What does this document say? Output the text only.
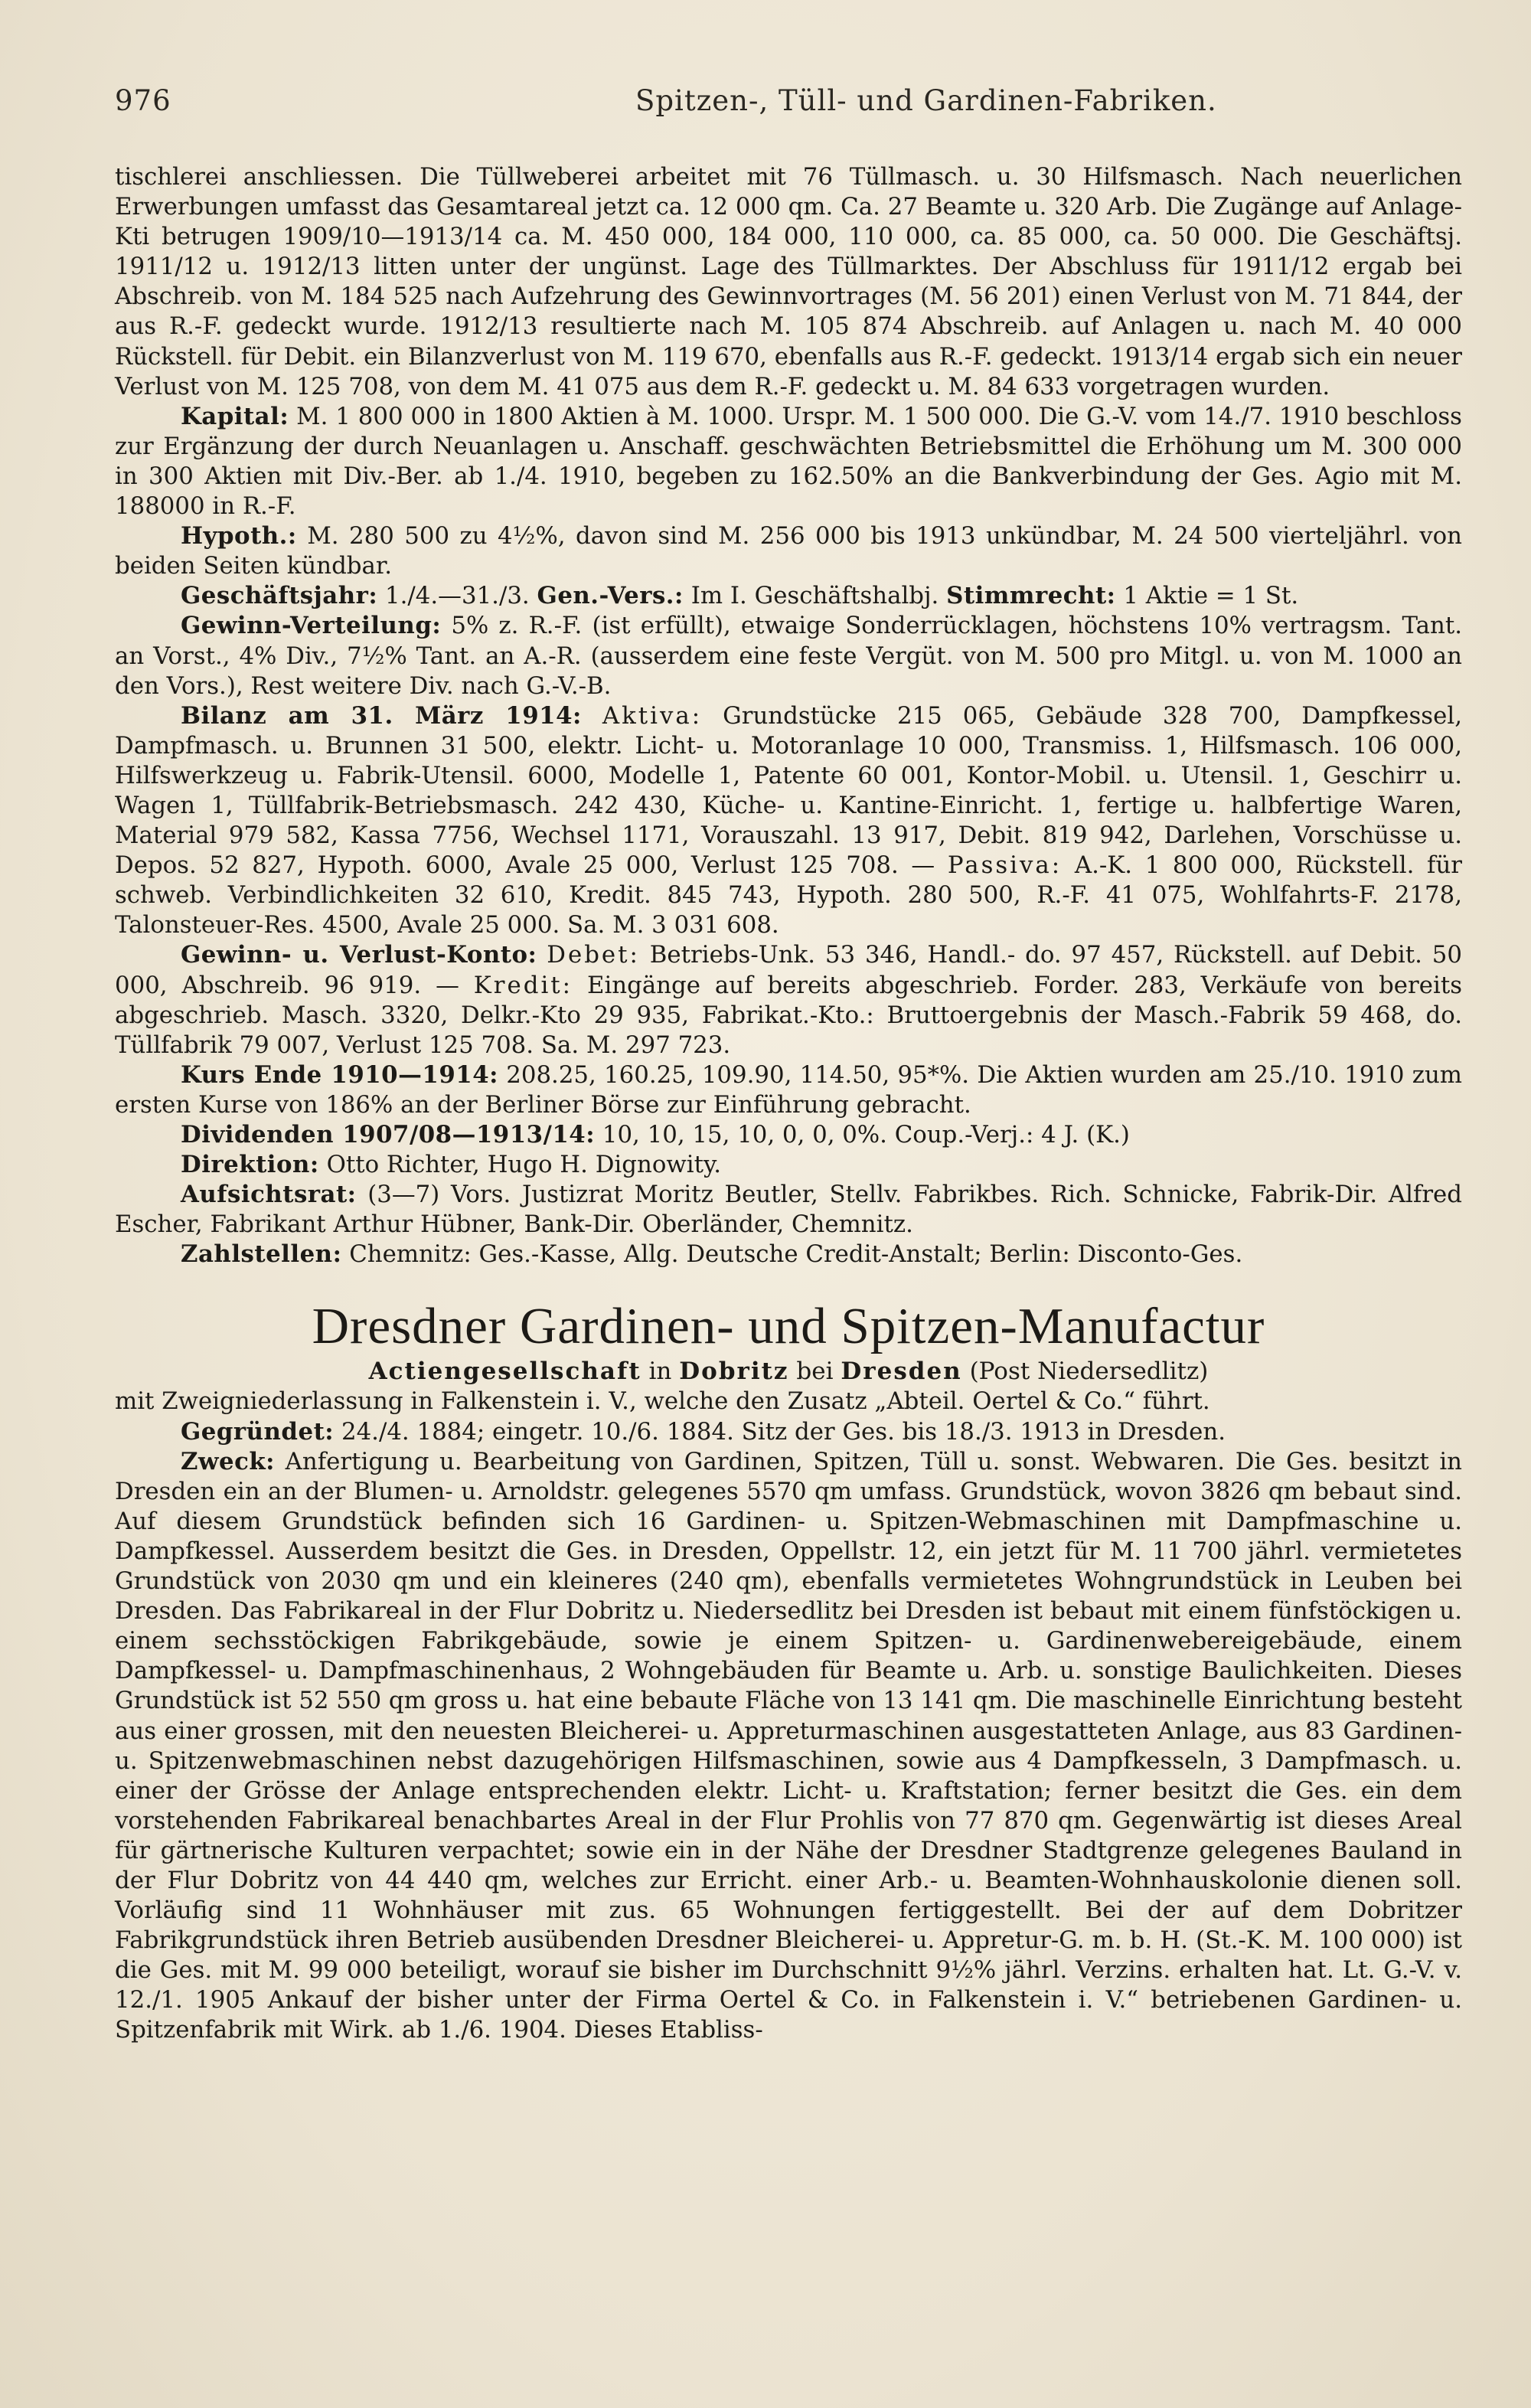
976	Spitzen-, Tüll- und Gardinen-Fabriken.

tischlerei anschliessen. Die Tüllweberei arbeitet mit 76 Tüllmasch. u. 30 Hilfsmasch. Nach neuerlichen Erwerbungen umfasst das Gesamtareal jetzt ca. 12 000 qm. Ca. 27 Beamte u. 320 Arb. Die Zugänge auf Anlage-Kti betrugen 1909/10—1913/14 ca. M. 450 000, 184 000, 110 000, ca. 85 000, ca. 50 000. Die Geschäftsj. 1911/12 u. 1912/13 litten unter der ungünst. Lage des Tüllmarktes. Der Abschluss für 1911/12 ergab bei Abschreib. von M. 184 525 nach Aufzehrung des Gewinnvortrages (M. 56 201) einen Verlust von M. 71 844, der aus R.-F. gedeckt wurde. 1912/13 resultierte nach M. 105 874 Abschreib. auf Anlagen u. nach M. 40 000 Rückstell. für Debit. ein Bilanzverlust von M. 119 670, ebenfalls aus R.-F. gedeckt. 1913/14 ergab sich ein neuer Verlust von M. 125 708, von dem M. 41 075 aus dem R.-F. gedeckt u. M. 84 633 vorgetragen wurden.

Kapital: M. 1 800 000 in 1800 Aktien à M. 1000. Urspr. M. 1 500 000. Die G.-V. vom 14./7. 1910 beschloss zur Ergänzung der durch Neuanlagen u. Anschaff. geschwächten Betriebsmittel die Erhöhung um M. 300 000 in 300 Aktien mit Div.-Ber. ab 1./4. 1910, begeben zu 162.50% an die Bankverbindung der Ges. Agio mit M. 188000 in R.-F.

Hypoth.: M. 280 500 zu 4½%, davon sind M. 256 000 bis 1913 unkündbar, M. 24 500 vierteljährl. von beiden Seiten kündbar.

Geschäftsjahr: 1./4.—31./3. Gen.-Vers.: Im I. Geschäftshalbj. Stimmrecht: 1 Aktie = 1 St.

Gewinn-Verteilung: 5% z. R.-F. (ist erfüllt), etwaige Sonderrücklagen, höchstens 10% vertragsm. Tant. an Vorst., 4% Div., 7½% Tant. an A.-R. (ausserdem eine feste Vergüt. von M. 500 pro Mitgl. u. von M. 1000 an den Vors.), Rest weitere Div. nach G.-V.-B.

Bilanz am 31. März 1914: Aktiva: Grundstücke 215 065, Gebäude 328 700, Dampfkessel, Dampfmasch. u. Brunnen 31 500, elektr. Licht- u. Motoranlage 10 000, Transmiss. 1, Hilfsmasch. 106 000, Hilfswerkzeug u. Fabrik-Utensil. 6000, Modelle 1, Patente 60 001, Kontor-Mobil. u. Utensil. 1, Geschirr u. Wagen 1, Tüllfabrik-Betriebsmasch. 242 430, Küche- u. Kantine-Einricht. 1, fertige u. halbfertige Waren, Material 979 582, Kassa 7756, Wechsel 1171, Vorauszahl. 13 917, Debit. 819 942, Darlehen, Vorschüsse u. Depos. 52 827, Hypoth. 6000, Avale 25 000, Verlust 125 708. — Passiva: A.-K. 1 800 000, Rückstell. für schweb. Verbindlichkeiten 32 610, Kredit. 845 743, Hypoth. 280 500, R.-F. 41 075, Wohlfahrts-F. 2178, Talonsteuer-Res. 4500, Avale 25 000. Sa. M. 3 031 608.

Gewinn- u. Verlust-Konto: Debet: Betriebs-Unk. 53 346, Handl.- do. 97 457, Rückstell. auf Debit. 50 000, Abschreib. 96 919. — Kredit: Eingänge auf bereits abgeschrieb. Forder. 283, Verkäufe von bereits abgeschrieb. Masch. 3320, Delkr.-Kto 29 935, Fabrikat.-Kto.: Bruttoergebnis der Masch.-Fabrik 59 468, do. Tüllfabrik 79 007, Verlust 125 708. Sa. M. 297 723.

Kurs Ende 1910—1914: 208.25, 160.25, 109.90, 114.50, 95*%. Die Aktien wurden am 25./10. 1910 zum ersten Kurse von 186% an der Berliner Börse zur Einführung gebracht.

Dividenden 1907/08—1913/14: 10, 10, 15, 10, 0, 0, 0%. Coup.-Verj.: 4 J. (K.)

Direktion: Otto Richter, Hugo H. Dignowity.

Aufsichtsrat: (3—7) Vors. Justizrat Moritz Beutler, Stellv. Fabrikbes. Rich. Schnicke, Fabrik-Dir. Alfred Escher, Fabrikant Arthur Hübner, Bank-Dir. Oberländer, Chemnitz.

Zahlstellen: Chemnitz: Ges.-Kasse, Allg. Deutsche Credit-Anstalt; Berlin: Disconto-Ges.

Dresdner Gardinen- und Spitzen-Manufactur
Actiengesellschaft in Dobritz bei Dresden (Post Niedersedlitz)

mit Zweigniederlassung in Falkenstein i. V., welche den Zusatz „Abteil. Oertel & Co.“ führt.

Gegründet: 24./4. 1884; eingetr. 10./6. 1884. Sitz der Ges. bis 18./3. 1913 in Dresden.

Zweck: Anfertigung u. Bearbeitung von Gardinen, Spitzen, Tüll u. sonst. Webwaren. Die Ges. besitzt in Dresden ein an der Blumen- u. Arnoldstr. gelegenes 5570 qm umfass. Grundstück, wovon 3826 qm bebaut sind. Auf diesem Grundstück befinden sich 16 Gardinen- u. Spitzen-Webmaschinen mit Dampfmaschine u. Dampfkessel. Ausserdem besitzt die Ges. in Dresden, Oppellstr. 12, ein jetzt für M. 11 700 jährl. vermietetes Grundstück von 2030 qm und ein kleineres (240 qm), ebenfalls vermietetes Wohngrundstück in Leuben bei Dresden. Das Fabrikareal in der Flur Dobritz u. Niedersedlitz bei Dresden ist bebaut mit einem fünfstöckigen u. einem sechsstöckigen Fabrikgebäude, sowie je einem Spitzen- u. Gardinenwebereigebäude, einem Dampfkessel- u. Dampfmaschinenhaus, 2 Wohngebäuden für Beamte u. Arb. u. sonstige Baulichkeiten. Dieses Grundstück ist 52 550 qm gross u. hat eine bebaute Fläche von 13 141 qm. Die maschinelle Einrichtung besteht aus einer grossen, mit den neuesten Bleicherei- u. Appreturmaschinen ausgestatteten Anlage, aus 83 Gardinen- u. Spitzenwebmaschinen nebst dazugehörigen Hilfsmaschinen, sowie aus 4 Dampfkesseln, 3 Dampfmasch. u. einer der Grösse der Anlage entsprechenden elektr. Licht- u. Kraftstation; ferner besitzt die Ges. ein dem vorstehenden Fabrikareal benachbartes Areal in der Flur Prohlis von 77 870 qm. Gegenwärtig ist dieses Areal für gärtnerische Kulturen verpachtet; sowie ein in der Nähe der Dresdner Stadtgrenze gelegenes Bauland in der Flur Dobritz von 44 440 qm, welches zur Erricht. einer Arb.- u. Beamten-Wohnhauskolonie dienen soll. Vorläufig sind 11 Wohnhäuser mit zus. 65 Wohnungen fertiggestellt. Bei der auf dem Dobritzer Fabrikgrundstück ihren Betrieb ausübenden Dresdner Bleicherei- u. Appretur-G. m. b. H. (St.-K. M. 100 000) ist die Ges. mit M. 99 000 beteiligt, worauf sie bisher im Durchschnitt 9½% jährl. Verzins. erhalten hat. Lt. G.-V. v. 12./1. 1905 Ankauf der bisher unter der Firma Oertel & Co. in Falkenstein i. V.“ betriebenen Gardinen- u. Spitzenfabrik mit Wirk. ab 1./6. 1904. Dieses Etabliss-
